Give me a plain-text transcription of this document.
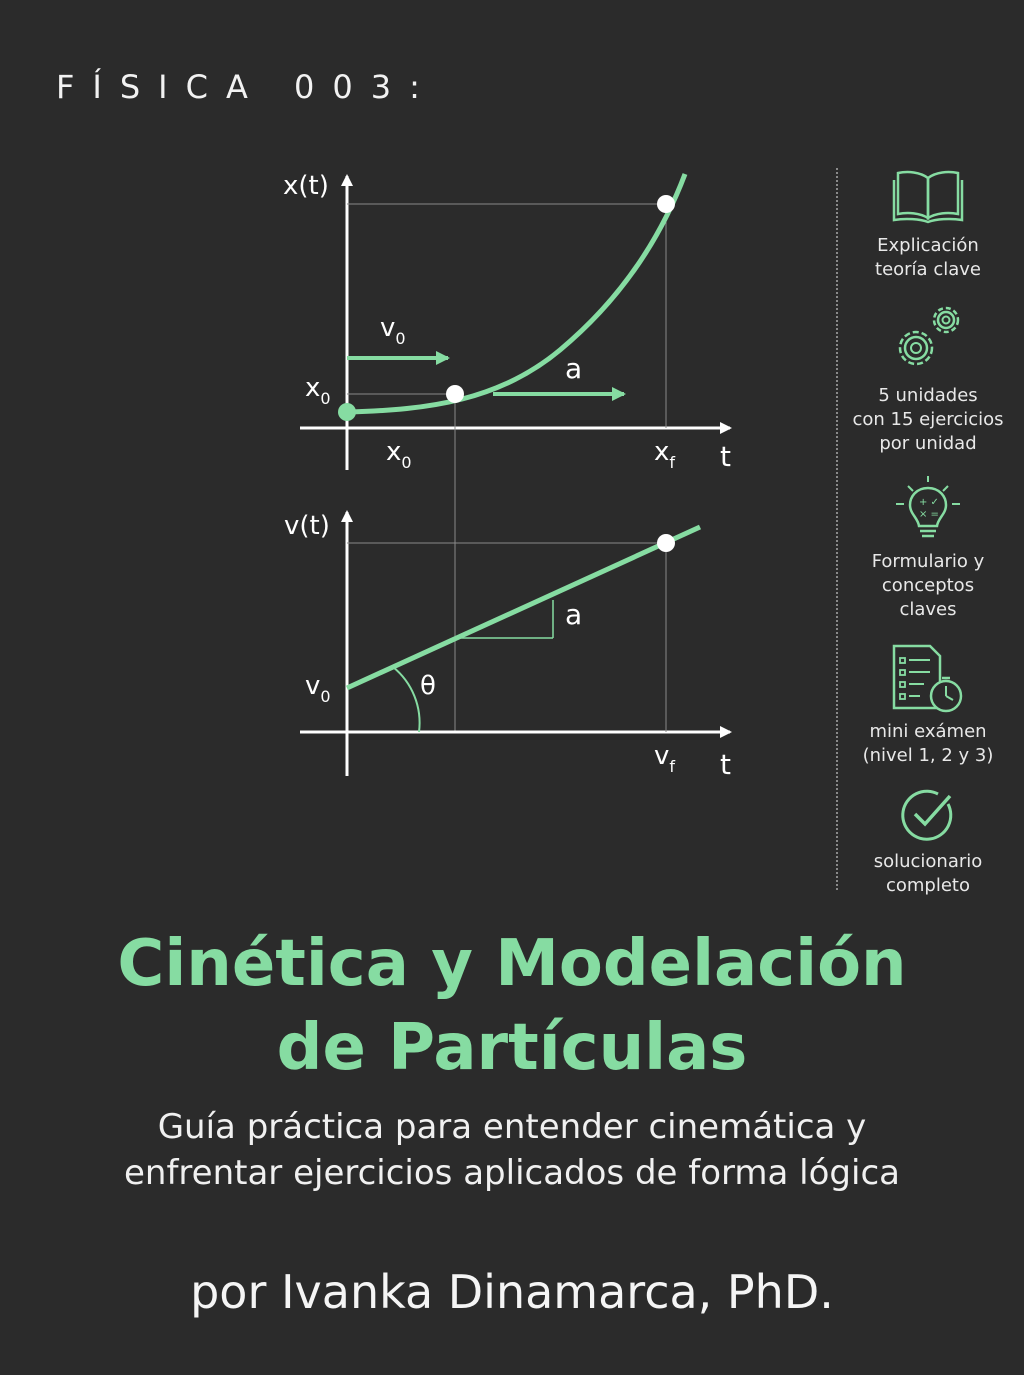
FÍSICA 003:
x(t)
t
$v_0$
a
$x_0$
$x_0$	$x_f$
v(t)
t
a
θ
$v_0$
$v_f$
Explicación
teoría clave
5 unidades
con 15 ejercicios
por unidad
+ ✓
× =
Formulario y
conceptos
claves
mini exámen
(nivel 1, 2 y 3)
solucionario
completo
Cinética y Modelación
de Partículas
Guía práctica para entender cinemática y
enfrentar ejercicios aplicados de forma lógica
por Ivanka Dinamarca, PhD.
